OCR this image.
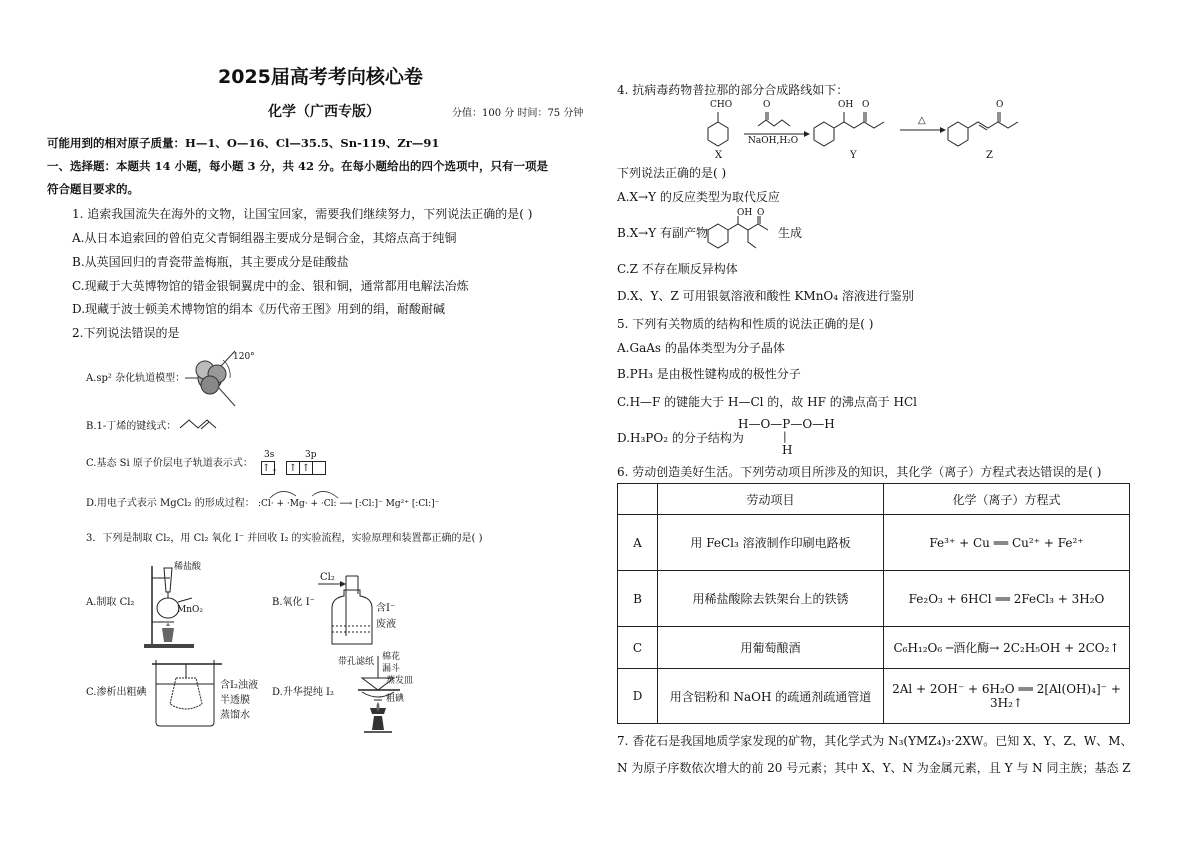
2025届高考考向核心卷
化学（广西专版）	分值：100 分 时间：75 分钟
可能用到的相对原子质量：H—1、O—16、Cl—35.5、Sn-119、Zr—91
一、选择题：本题共 14 小题，每小题 3 分，共 42 分。在每小题给出的四个选项中，只有一项是
符合题目要求的。
1. 追索我国流失在海外的文物，让国宝回家，需要我们继续努力，下列说法正确的是( )
A.从日本追索回的曾伯克父青铜组器主要成分是铜合金，其熔点高于纯铜
B.从英国回归的青瓷带盖梅瓶，其主要成分是硅酸盐
C.现藏于大英博物馆的错金银铜翼虎中的金、银和铜，通常都用电解法冶炼
D.现藏于波士顿美术博物馆的绢本《历代帝王图》用到的绢，耐酸耐碱
2.下列说法错误的是
A.sp² 杂化轨道模型：
120°
B.1-丁烯的键线式：
C.基态 Si 原子价层电子轨道表示式：
3s	3p
↑↓ ↑ ↑
D.用电子式表示 MgCl₂ 的形成过程： :Cl· + ·Mg· + ·Cl: ⟶ [:Cl:]⁻ Mg²⁺ [:Cl:]⁻
3．下列是制取 Cl₂，用 Cl₂ 氧化 I⁻ 并回收 I₂ 的实验流程，实验原理和装置都正确的是( )
A.制取 Cl₂
稀盐酸
MnO₂
B.氧化 I⁻
Cl₂
含I⁻
废液
C.渗析出粗碘
含I₂浊液
半透膜
蒸馏水
D.升华提纯 I₂
带孔滤纸 棉花
漏斗
蒸发皿
粗碘
4. 抗病毒药物普拉那的部分合成路线如下：
CHO	O
NaOH,H₂O
OH O
△
O
X	Y	Z
下列说法正确的是( )
A.X→Y 的反应类型为取代反应
B.X→Y 有副产物
OH O
生成
C.Z 不存在顺反异构体
D.X、Y、Z 可用银氨溶液和酸性 KMnO₄ 溶液进行鉴别
5. 下列有关物质的结构和性质的说法正确的是( )
A.GaAs 的晶体类型为分子晶体
B.PH₃ 是由极性键构成的极性分子
C.H—F 的键能大于 H—Cl 的，故 HF 的沸点高于 HCl
D.H₃PO₂ 的分子结构为
H—O—P—O—H
|
H
6. 劳动创造美好生活。下列劳动项目所涉及的知识，其化学（离子）方程式表达错误的是( )
	劳动项目	化学（离子）方程式
A	用 FeCl₃ 溶液制作印刷电路板	Fe³⁺ + Cu ══ Cu²⁺ + Fe²⁺
B	用稀盐酸除去铁架台上的铁锈	Fe₂O₃ + 6HCl ══ 2FeCl₃ + 3H₂O
C	用葡萄酿酒	C₆H₁₂O₆ ─酒化酶→ 2C₂H₅OH + 2CO₂↑
D	用含铝粉和 NaOH 的疏通剂疏通管道	2Al + 2OH⁻ + 6H₂O ══ 2[Al(OH)₄]⁻ + 3H₂↑
7. 香花石是我国地质学家发现的矿物，其化学式为 N₃(YMZ₄)₃·2XW。已知 X、Y、Z、W、M、
N 为原子序数依次增大的前 20 号元素；其中 X、Y、N 为金属元素，且 Y 与 N 同主族；基态 Z
